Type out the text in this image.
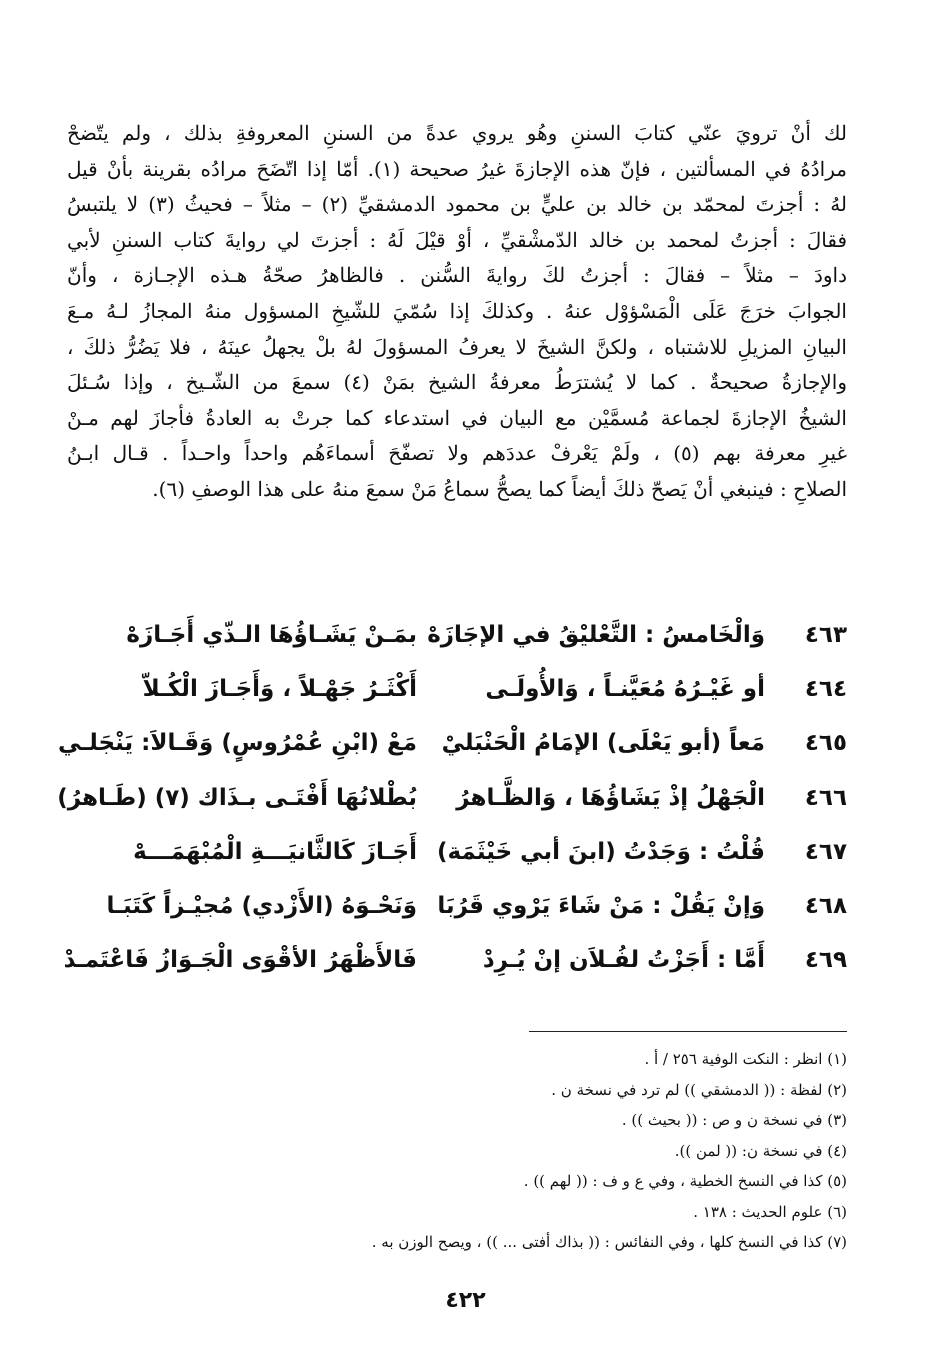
لك أنْ ترويَ عنّي كتابَ السننِ وهُو يروي عدةً من السننِ المعروفةِ بذلك ، ولم يتّضحْ
مرادُهُ في المسألتين ، فإنّ هذه الإجازةَ غيرُ صحيحة (١). أمّا إذا اتّضَحَ مرادُه بقرينة بأنْ قيل
لهُ : أجزتَ لمحمّد بن خالد بن عليٍّ بن محمود الدمشقيِّ (٢) – مثلاً – فحيثُ (٣) لا يلتبسُ
فقالَ : أجزتُ لمحمد بن خالد الدّمشْقيِّ ، أوْ قيْلَ لَهُ : أجزتَ لي روايةَ كتاب السننِ لأبي
داودَ – مثلاً – فقالَ : أجزتُ لكَ روايةَ السُّنن . فالظاهرُ صحّةُ هـذه الإجـازة ، وأنّ
الجوابَ خرَجَ عَلَى الْمَسْؤوْل عنهُ . وكذلكَ إذا سُمّيَ للشّيخِ المسؤول منهُ المجازُ لـهُ مـعَ
البيانِ المزيلِ للاشتباه ، ولكنَّ الشيخَ لا يعرفُ المسؤولَ لهُ بلْ يجهلُ عينَهُ ، فلا يَضُرُّ ذلكَ ،
والإجازةُ صحيحةٌ . كما لا يُشترَطُ معرفةُ الشيخ بمَنْ (٤) سمعَ من الشّـيخ ، وإذا سُـئلَ
الشيخُ الإجازةَ لجماعة مُسمَّيْن مع البيان في استدعاء كما جرتْ به العادةُ فأجازَ لهم مـنْ
غيرِ معرفة بهم (٥) ، ولَمْ يَعْرفْ عددَهم ولا تصفّحَ أسماءَهُم واحداً واحـداً . قـال ابـنُ
الصلاحِ : فينبغي أنْ يَصحّ ذلكَ أيضاً كما يصحُّ سماعُ مَنْ سمعَ منهُ على هذا الوصفِ (٦).
٤٦٣
وَالْخَامسُ : التَّعْليْقُ في الإجَازَهْ
بمَـنْ يَشَـاؤُهَا الـذّي أَجَـازَهْ
٤٦٤
أو غَيْـرُهُ مُعَيَّنـاً ، وَالأُولَـى
أَكْثَـرُ جَهْـلاً ، وَأَجَـازَ الْكُـلاّ
٤٦٥
مَعاً (أبو يَعْلَى) الإمَامُ الْحَنْبَليْ
مَعْ (ابْنِ عُمْرُوسٍ) وَقَـالاَ: يَنْجَلـي
٤٦٦
الْجَهْلُ إذْ يَشَاؤُهَا ، وَالظَّـاهرُ
بُطْلانُهَا أَفْتَـى بـذَاك (٧) (طَـاهرُ)
٤٦٧
قُلْتُ : وَجَدْتُ (ابنَ أبي خَيْثَمَة)
أَجَـازَ كَالثَّانيَـــةِ الْمُبْهَمَـــهْ
٤٦٨
وَإنْ يَقُلْ : مَنْ شَاءَ يَرْوي قَرُبَا
وَنَحْـوَهُ (الأَزْدي) مُجيْـزاً كَتَبَـا
٤٦٩
أَمَّا : أَجَزْتُ لفُـلاَن إنْ يُـرِدْ
فَالأَظْهَرُ الأقْوَى الْجَـوَازُ فَاعْتَمـدْ
(١) انظر : النكت الوفية ٢٥٦ / أ .
(٢) لفظة : (( الدمشقي )) لم ترد في نسخة ن .
(٣) في نسخة ن و ص : (( بحيث )) .
(٤) في نسخة ن: (( لمن )).
(٥) كذا في النسخ الخطية ، وفي ع و ف : (( لهم )) .
(٦) علوم الحديث : ١٣٨ .
(٧) كذا في النسخ كلها ، وفي النفائس : (( بذاك أفتى ... )) ، ويصح الوزن به .
٤٢٢
